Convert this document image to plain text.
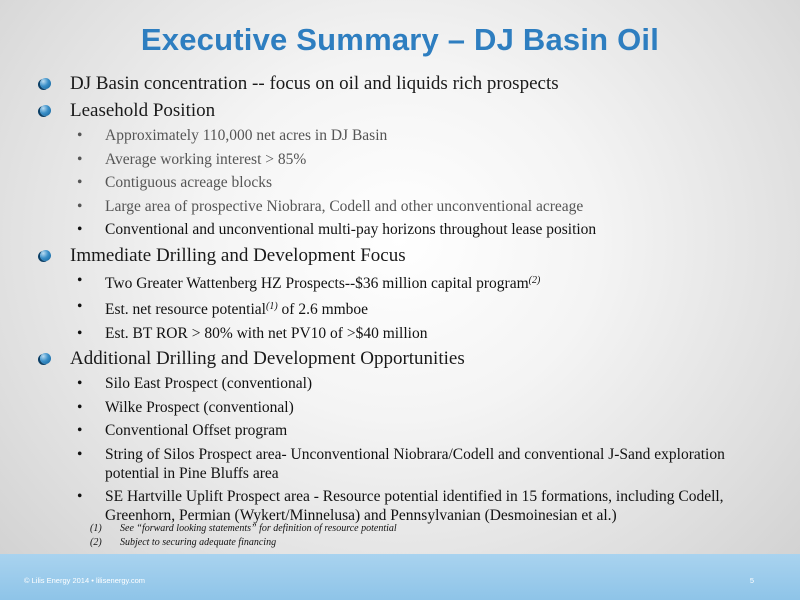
Executive Summary – DJ Basin Oil
DJ Basin concentration -- focus on oil and liquids rich prospects
Leasehold Position
• Approximately 110,000 net acres in DJ Basin
• Average working interest > 85%
• Contiguous acreage blocks
• Large area of prospective Niobrara, Codell and other unconventional acreage
• Conventional and unconventional multi-pay horizons throughout lease position
Immediate Drilling and Development Focus
• Two Greater Wattenberg HZ Prospects--$36 million capital program$^{(2)}$
• Est. net resource potential$^{(1)}$ of 2.6 mmboe
• Est. BT ROR > 80% with net PV10 of >$40 million
Additional Drilling and Development Opportunities
• Silo East Prospect (conventional)
• Wilke Prospect (conventional)
• Conventional Offset program
• String of Silos Prospect area- Unconventional Niobrara/Codell and conventional J-Sand exploration potential in Pine Bluffs area
• SE Hartville Uplift Prospect area - Resource potential identified in 15 formations, including Codell, Greenhorn, Permian (Wykert/Minnelusa) and Pennsylvanian (Desmoinesian et al.)
(1) See “forward looking statements” for definition of resource potential
(2) Subject to securing adequate financing
© Lilis Energy 2014 • lilisenergy.com	5
